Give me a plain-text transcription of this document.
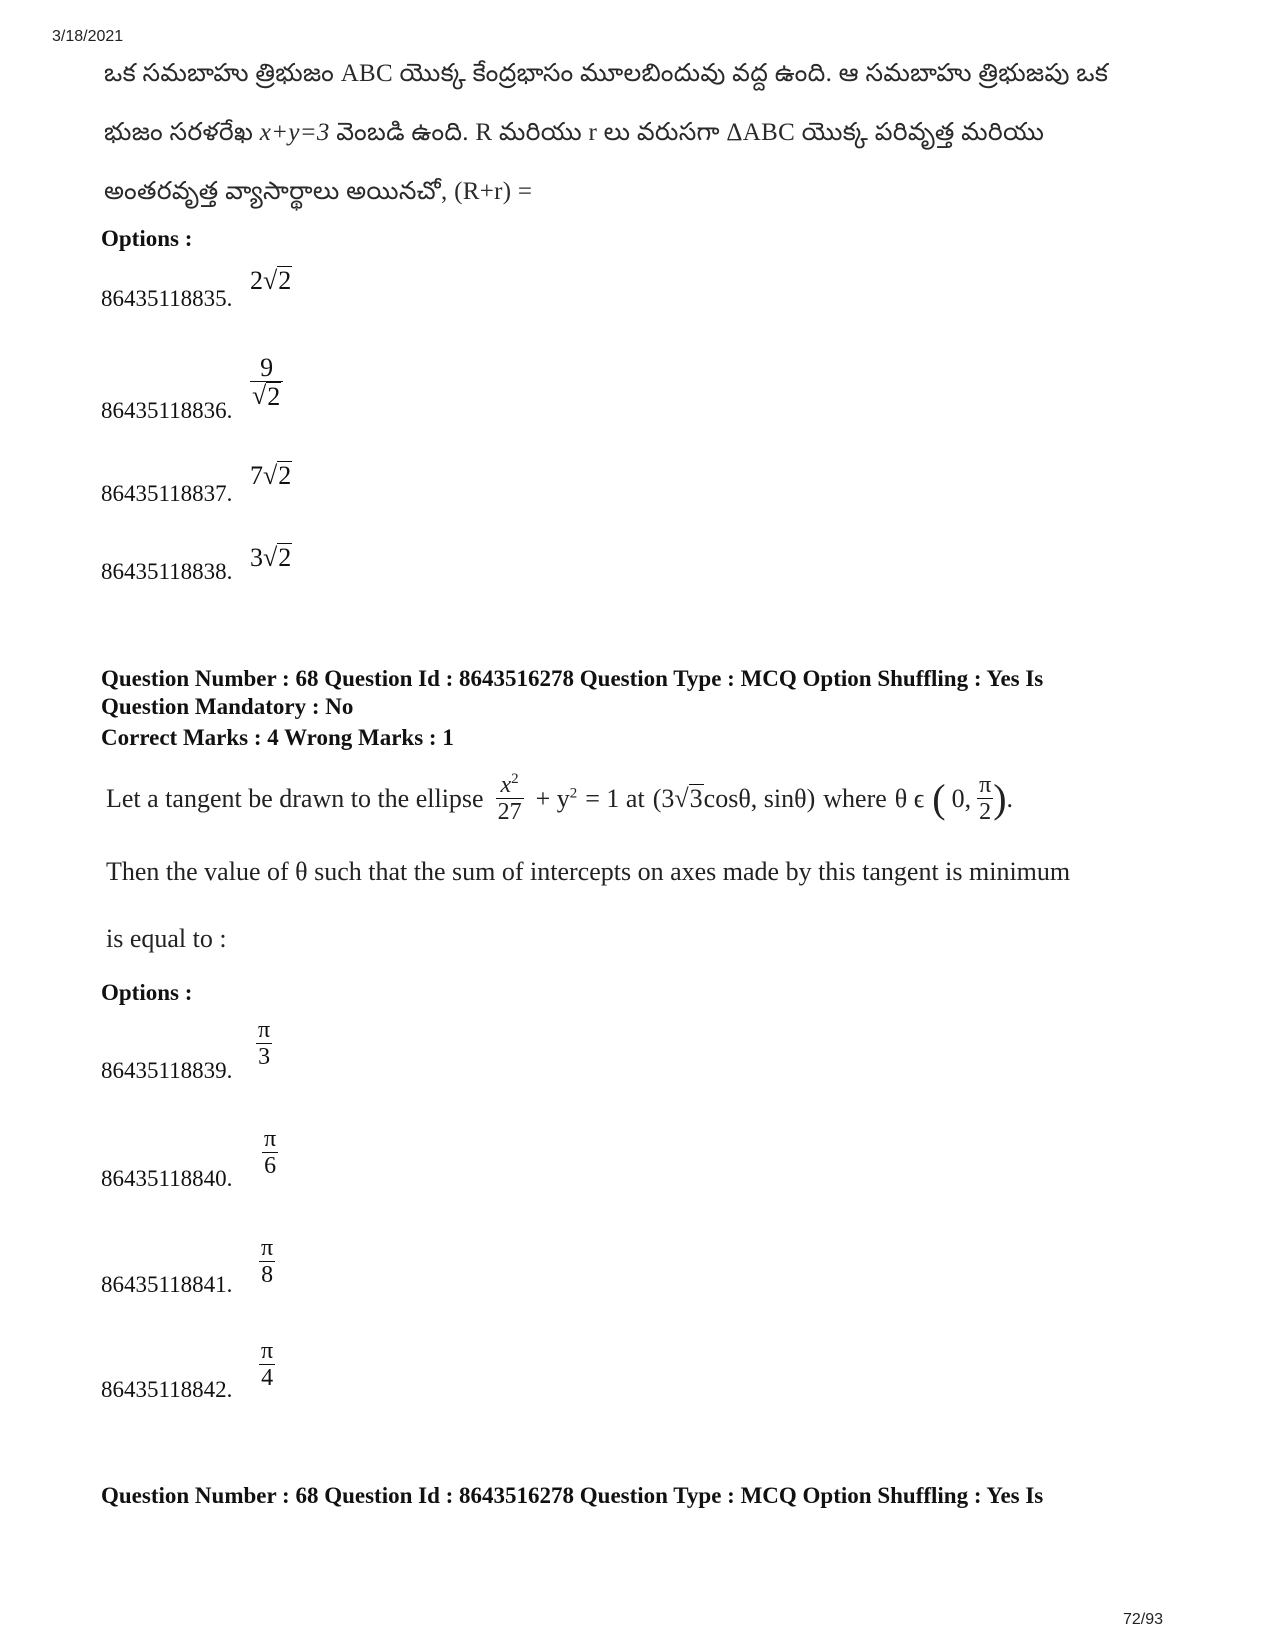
3/18/2021
72/93
ఒక సమబాహు త్రిభుజం ABC యొక్క కేంద్రభాసం మూలబిందువు వద్ద ఉంది. ఆ సమబాహు త్రిభుజపు ఒక
భుజం సరళరేఖ x+y=3 వెంబడి ఉంది. R మరియు r లు వరుసగా ΔABC యొక్క పరివృత్త మరియు
అంతరవృత్త వ్యాసార్థాలు అయినచో, (R+r) =
Options :
86435118835.
2 √ 2
86435118836. $\frac{9}{√ 2}$
86435118837.
7 √ 2
86435118838. 3 √ 2
Question Number : 68 Question Id : 8643516278 Question Type : MCQ Option Shuffling : Yes Is
Question Mandatory : No
Correct Marks : 4 Wrong Marks : 1
Let a tangent be drawn to the ellipse $\frac{x^2}{27} + y^2 = 1$ at (3 √ 3 cosθ, sinθ) where θ ϵ ( 0, $\frac{\pi}{2}$ ) .
Then the value of θ such that the sum of intercepts on axes made by this tangent is minimum
is equal to :
Options :
86435118839. $\frac{\pi}{3}$
86435118840. $\frac{\pi}{6}$
86435118841. $\frac{\pi}{8}$
86435118842. $\frac{\pi}{4}$
Question Number : 68 Question Id : 8643516278 Question Type : MCQ Option Shuffling : Yes Is
